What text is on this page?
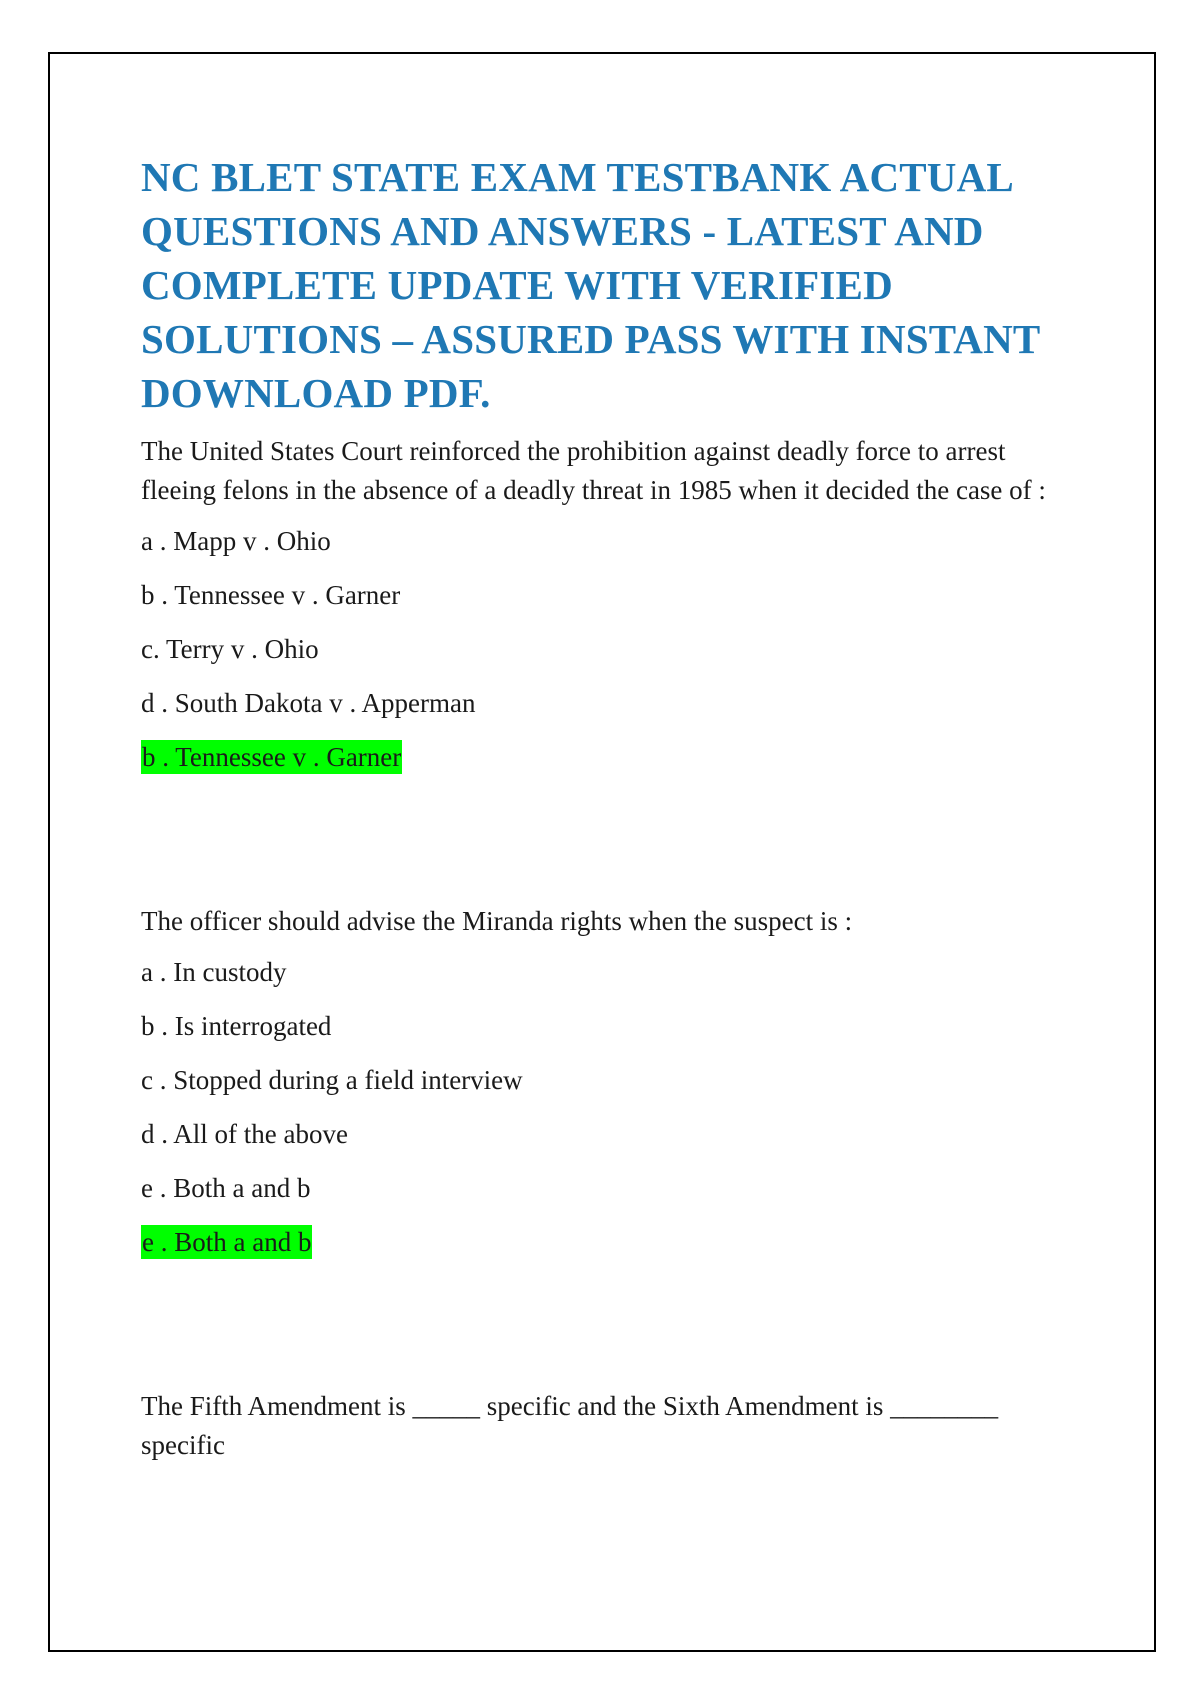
NC BLET STATE EXAM TESTBANK ACTUAL QUESTIONS AND ANSWERS - LATEST AND COMPLETE UPDATE WITH VERIFIED SOLUTIONS – ASSURED PASS WITH INSTANT DOWNLOAD PDF.

The United States Court reinforced the prohibition against deadly force to arrest fleeing felons in the absence of a deadly threat in 1985 when it decided the case of :

a . Mapp v . Ohio
b . Tennessee v . Garner
c. Terry v . Ohio
d . South Dakota v . Apperman
b . Tennessee v . Garner

The officer should advise the Miranda rights when the suspect is :

a . In custody
b . Is interrogated
c . Stopped during a field interview
d . All of the above
e . Both a and b
e . Both a and b

The Fifth Amendment is _____ specific and the Sixth Amendment is ________ specific
